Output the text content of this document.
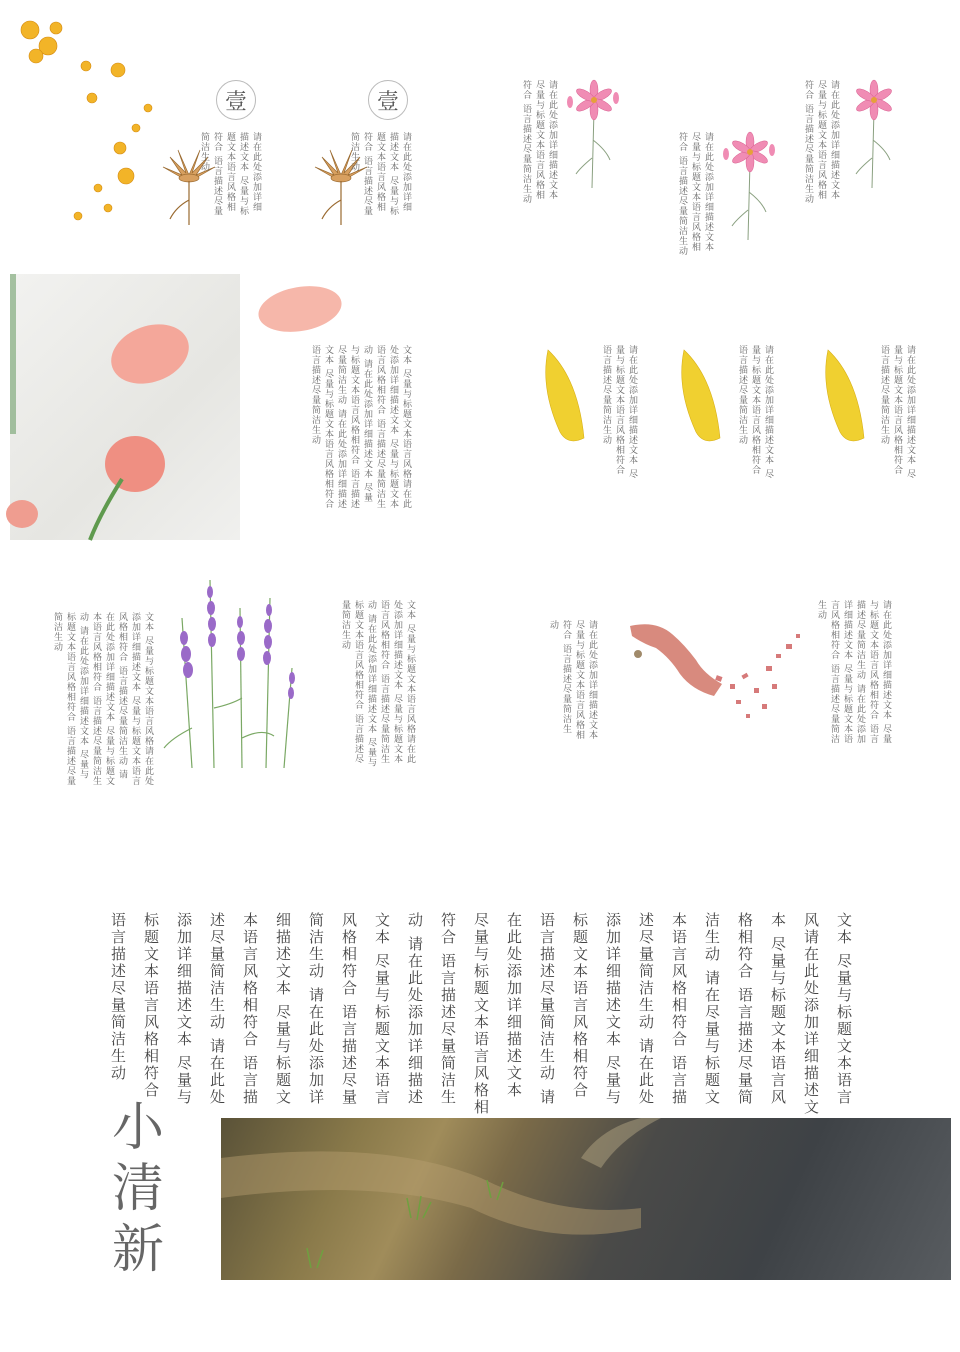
壹	壹
请在此处添加详细描述文本 尽量与标题文本语言风格相符合 语言描述尽量简洁生动	请在此处添加详细描述文本 尽量与标题文本语言风格相符合 语言描述尽量简洁生动	请在此处添加详细描述文本 尽量与标题文本语言风格相符合 语言描述尽量简洁生动	请在此处添加详细描述文本 尽量与标题文本语言风格相符合 语言描述尽量简洁生动	请在此处添加详细描述文本 尽量与标题文本语言风格相符合 语言描述尽量简洁生动
文本 尽量与标题文本语言风格请在此处添加详细描述文本 尽量与标题文本语言风格相符合 语言描述尽量简洁生动 请在此处添加详细描述文本 尽量与标题文本语言风格相符合 语言描述尽量简洁生动 请在此处添加详细描述文本 尽量与标题文本语言风格相符合 语言描述尽量简洁生动	请在此处添加详细描述文本 尽量与标题文本语言风格相符合 语言描述尽量简洁生动	请在此处添加详细描述文本 尽量与标题文本语言风格相符合 语言描述尽量简洁生动	请在此处添加详细描述文本 尽量与标题文本语言风格相符合 语言描述尽量简洁生动
文本 尽量与标题文本语言风格请在此处添加详细描述文本 尽量与标题文本语言风格相符合 语言描述尽量简洁生动 请在此处添加详细描述文本 尽量与标题文本语言风格相符合 语言描述尽量简洁生动 请在此处添加详细描述文本 尽量与标题文本语言风格相符合 语言描述尽量简洁生动	文本 尽量与标题文本语言风格请在此处添加详细描述文本 尽量与标题文本语言风格相符合 语言描述尽量简洁生动 请在此处添加详细描述文本 尽量与标题文本语言风格相符合 语言描述尽量简洁生动	请在此处添加详细描述文本 尽量与标题文本语言风格相符合 语言描述尽量简洁生动	请在此处添加详细描述文本 尽量与标题文本语言风格相符合 语言描述尽量简洁生动 请在此处添加详细描述文本 尽量与标题文本语言风格相符合 语言描述尽量简洁生动
文本 尽量与标题文本语言风请在此处添加详细描述文本 尽量与标题文本语言风格相符合 语言描述尽量简洁生动 请在尽量与标题文本语言风格相符合 语言描述尽量简洁生动 请在此处添加详细描述文本 尽量与标题文本语言风格相符合 语言描述尽量简洁生动 请在此处添加详细描述文本 尽量与标题文本语言风格相符合 语言描述尽量简洁生动 请在此处添加详细描述文本 尽量与标题文本语言风格相符合 语言描述尽量简洁生动 请在此处添加详细描述文本 尽量与标题文本语言风格相符合 语言描述尽量简洁生动 请在此处添加详细描述文本 尽量与标题文本语言风格相符合 语言描述尽量简洁生动
小清新
